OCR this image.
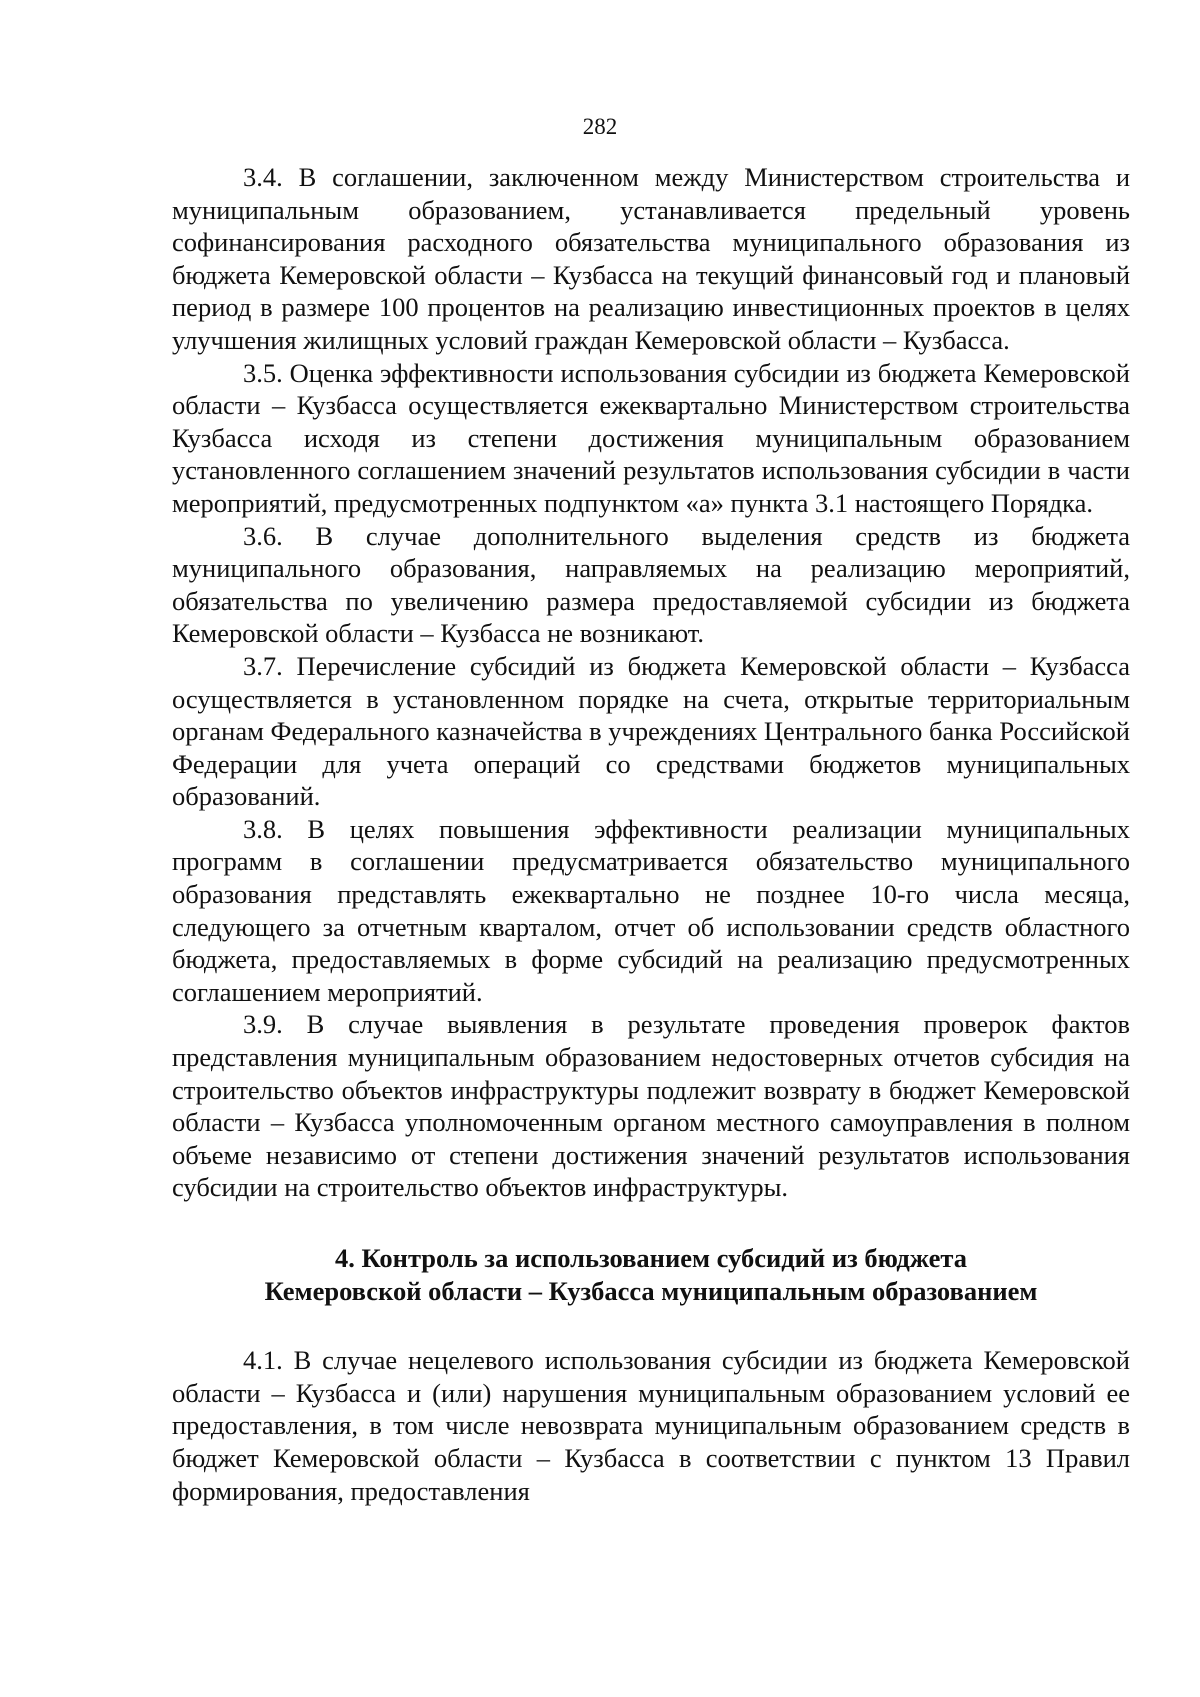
282

3.4. В соглашении, заключенном между Министерством строительства и муниципальным образованием, устанавливается предельный уровень софинансирования расходного обязательства муниципального образования из бюджета Кемеровской области – Кузбасса на текущий финансовый год и плановый период в размере 100 процентов на реализацию инвестиционных проектов в целях улучшения жилищных условий граждан Кемеровской области – Кузбасса.

3.5. Оценка эффективности использования субсидии из бюджета Кемеровской области – Кузбасса осуществляется ежеквартально Министерством строительства Кузбасса исходя из степени достижения муниципальным образованием установленного соглашением значений результатов использования субсидии в части мероприятий, предусмотренных подпунктом «а» пункта 3.1 настоящего Порядка.

3.6. В случае дополнительного выделения средств из бюджета муниципального образования, направляемых на реализацию мероприятий, обязательства по увеличению размера предоставляемой субсидии из бюджета Кемеровской области – Кузбасса не возникают.

3.7. Перечисление субсидий из бюджета Кемеровской области – Кузбасса осуществляется в установленном порядке на счета, открытые территориальным органам Федерального казначейства в учреждениях Центрального банка Российской Федерации для учета операций со средствами бюджетов муниципальных образований.

3.8. В целях повышения эффективности реализации муниципальных программ в соглашении предусматривается обязательство муниципального образования представлять ежеквартально не позднее 10-го числа месяца, следующего за отчетным кварталом, отчет об использовании средств областного бюджета, предоставляемых в форме субсидий на реализацию предусмотренных соглашением мероприятий.

3.9. В случае выявления в результате проведения проверок фактов представления муниципальным образованием недостоверных отчетов субсидия на строительство объектов инфраструктуры подлежит возврату в бюджет Кемеровской области – Кузбасса уполномоченным органом местного самоуправления в полном объеме независимо от степени достижения значений результатов использования субсидии на строительство объектов инфраструктуры.

4. Контроль за использованием субсидий из бюджета
Кемеровской области – Кузбасса муниципальным образованием

4.1. В случае нецелевого использования субсидии из бюджета Кемеровской области – Кузбасса и (или) нарушения муниципальным образованием условий ее предоставления, в том числе невозврата муниципальным образованием средств в бюджет Кемеровской области – Кузбасса в соответствии с пунктом 13 Правил формирования, предоставления
